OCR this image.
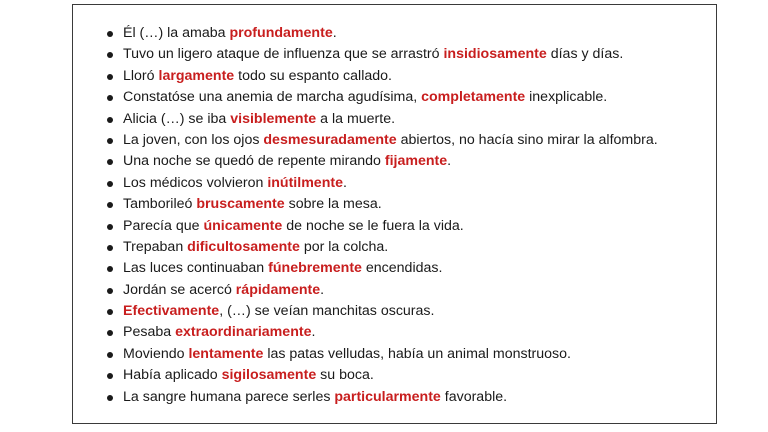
Él (…) la amaba profundamente.
Tuvo un ligero ataque de influenza que se arrastró insidiosamente días y días.
Lloró largamente todo su espanto callado.
Constatóse una anemia de marcha agudísima, completamente inexplicable.
Alicia (…) se iba visiblemente a la muerte.
La joven, con los ojos desmesuradamente abiertos, no hacía sino mirar la alfombra.
Una noche se quedó de repente mirando fijamente.
Los médicos volvieron inútilmente.
Tamborileó bruscamente sobre la mesa.
Parecía que únicamente de noche se le fuera la vida.
Trepaban dificultosamente por la colcha.
Las luces continuaban fúnebremente encendidas.
Jordán se acercó rápidamente.
Efectivamente, (…) se veían manchitas oscuras.
Pesaba extraordinariamente.
Moviendo lentamente las patas velludas, había un animal monstruoso.
Había aplicado sigilosamente su boca.
La sangre humana parece serles particularmente favorable.
